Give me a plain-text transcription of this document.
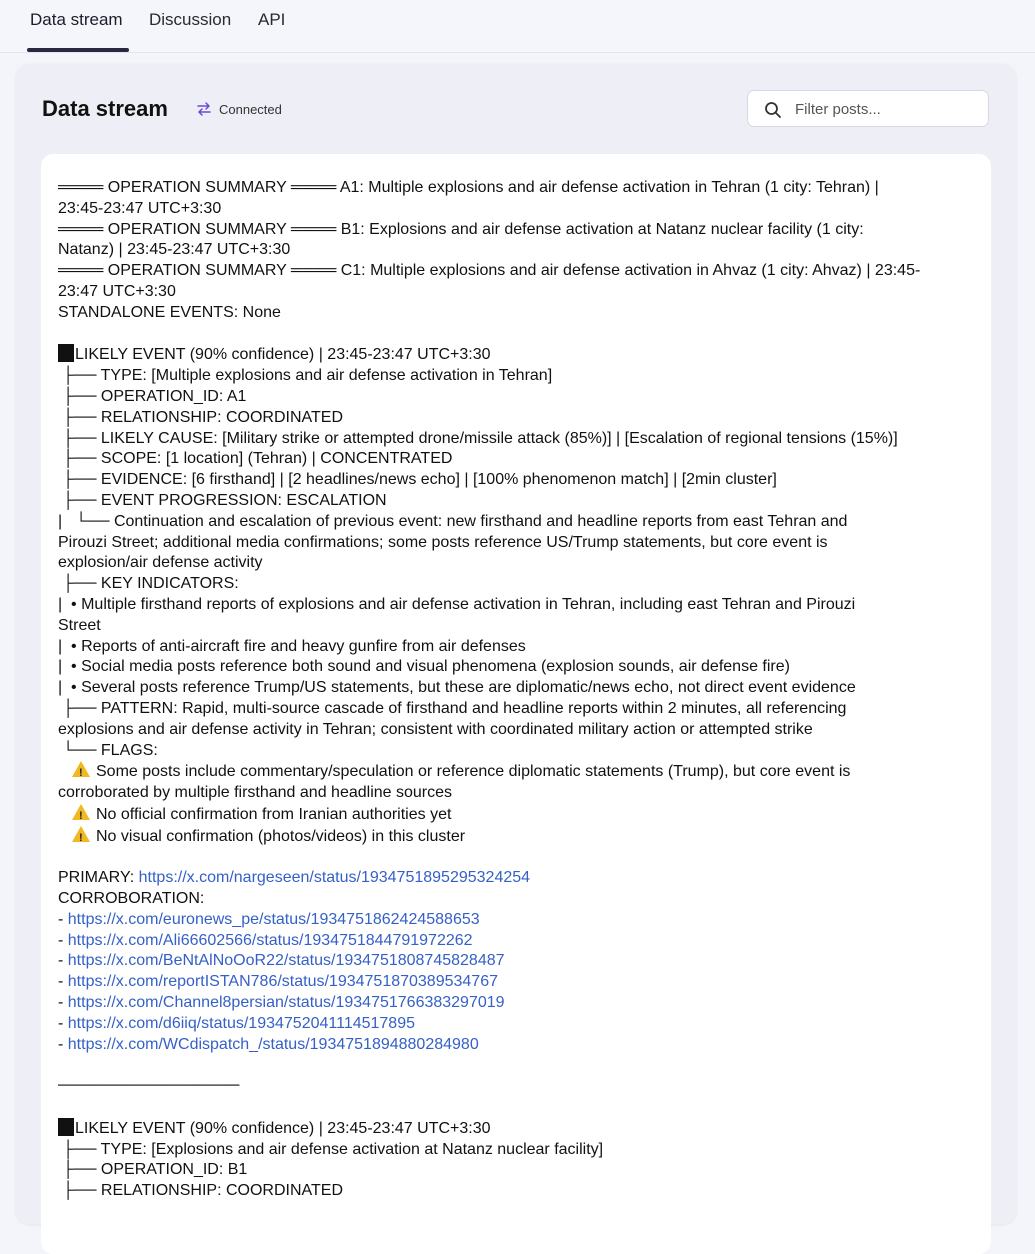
Data stream Discussion API
Data stream	Connected
Filter posts...
════ OPERATION SUMMARY ════ A1: Multiple explosions and air defense activation in Tehran (1 city: Tehran) |
23:45-23:47 UTC+3:30
════ OPERATION SUMMARY ════ B1: Explosions and air defense activation at Natanz nuclear facility (1 city:
Natanz) | 23:45-23:47 UTC+3:30
════ OPERATION SUMMARY ════ C1: Multiple explosions and air defense activation in Ahvaz (1 city: Ahvaz) | 23:45-
23:47 UTC+3:30
STANDALONE EVENTS: None
LIKELY EVENT (90% confidence) | 23:45-23:47 UTC+3:30
├── TYPE: [Multiple explosions and air defense activation in Tehran]
├── OPERATION_ID: A1
├── RELATIONSHIP: COORDINATED
├── LIKELY CAUSE: [Military strike or attempted drone/missile attack (85%)] | [Escalation of regional tensions (15%)]
├── SCOPE: [1 location] (Tehran) | CONCENTRATED
├── EVIDENCE: [6 firsthand] | [2 headlines/news echo] | [100% phenomenon match] | [2min cluster]
├── EVENT PROGRESSION: ESCALATION
|   └── Continuation and escalation of previous event: new firsthand and headline reports from east Tehran and
Pirouzi Street; additional media confirmations; some posts reference US/Trump statements, but core event is
explosion/air defense activity
├── KEY INDICATORS:
|  • Multiple firsthand reports of explosions and air defense activation in Tehran, including east Tehran and Pirouzi
Street
|  • Reports of anti-aircraft fire and heavy gunfire from air defenses
|  • Social media posts reference both sound and visual phenomena (explosion sounds, air defense fire)
|  • Several posts reference Trump/US statements, but these are diplomatic/news echo, not direct event evidence
├── PATTERN: Rapid, multi-source cascade of firsthand and headline reports within 2 minutes, all referencing
explosions and air defense activity in Tehran; consistent with coordinated military action or attempted strike
└── FLAGS:
!Some posts include commentary/speculation or reference diplomatic statements (Trump), but core event is
corroborated by multiple firsthand and headline sources
!No official confirmation from Iranian authorities yet
!No visual confirmation (photos/videos) in this cluster
PRIMARY: https://x.com/nargeseen/status/1934751895295324254
CORROBORATION:
- https://x.com/euronews_pe/status/1934751862424588653
- https://x.com/Ali66602566/status/1934751844791972262
- https://x.com/BeNtAlNoOoR22/status/1934751808745828487
- https://x.com/reportISTAN786/status/1934751870389534767
- https://x.com/Channel8persian/status/1934751766383297019
- https://x.com/d6iiq/status/1934752041114517895
- https://x.com/WCdispatch_/status/1934751894880284980
────────────────
LIKELY EVENT (90% confidence) | 23:45-23:47 UTC+3:30
├── TYPE: [Explosions and air defense activation at Natanz nuclear facility]
├── OPERATION_ID: B1
├── RELATIONSHIP: COORDINATED
